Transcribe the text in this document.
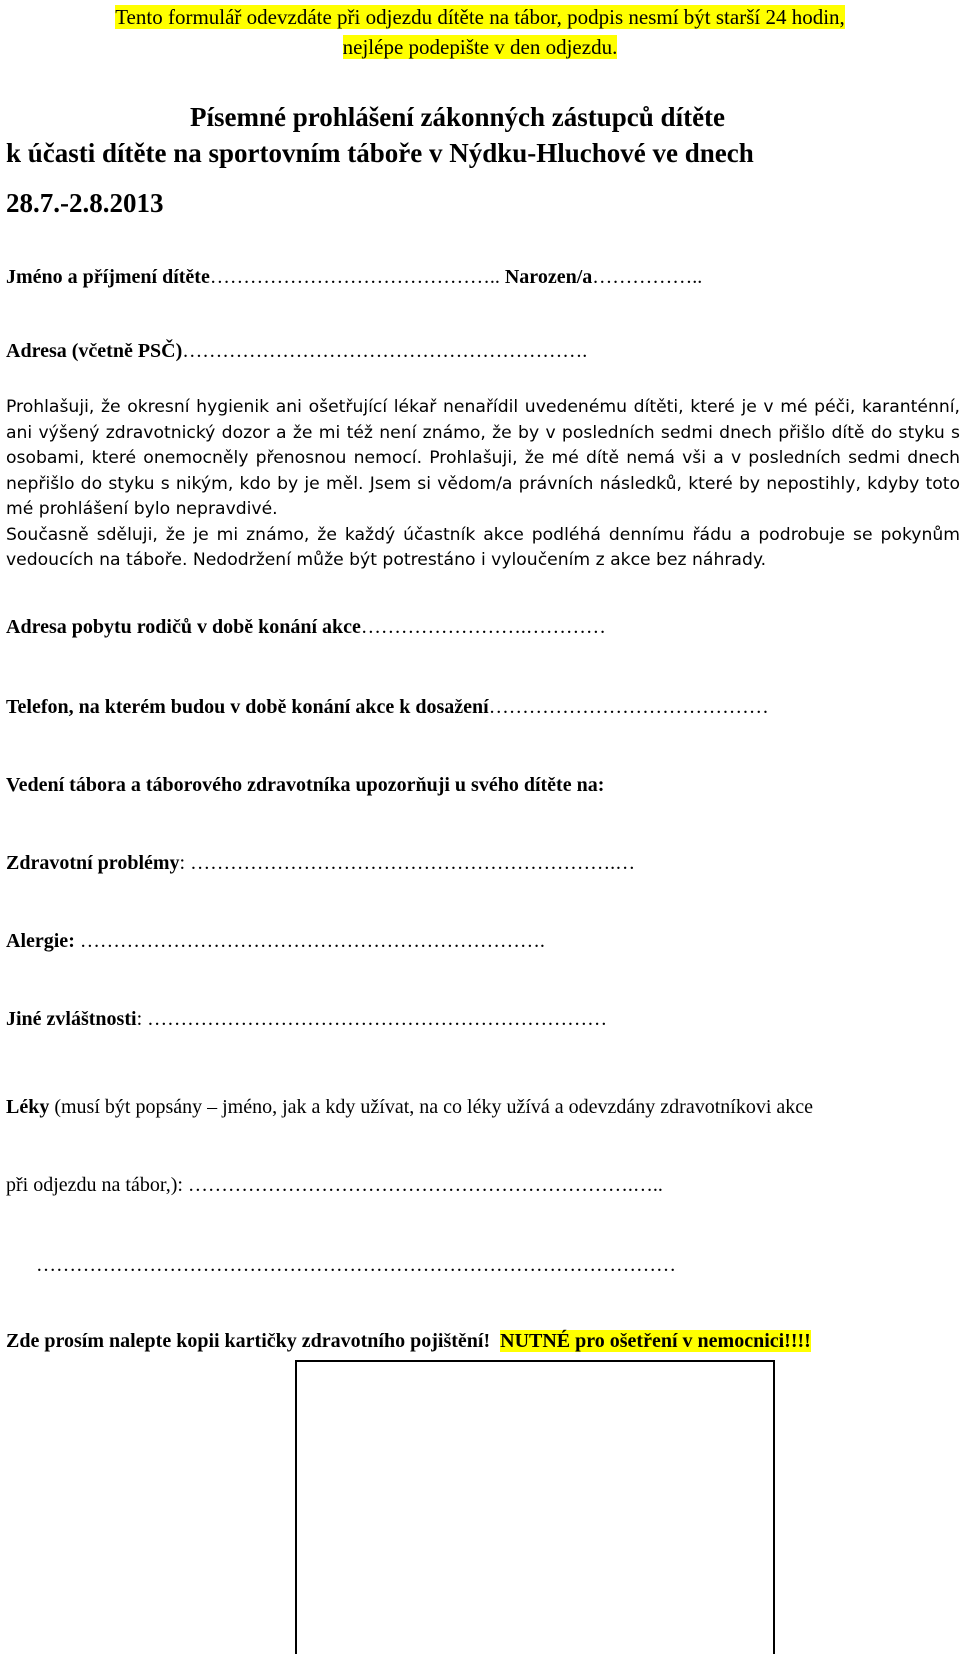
Tento formulář odevzdáte při odjezdu dítěte na tábor, podpis nesmí být starší 24 hodin,
nejlépe podepište v den odjezdu.
Písemné prohlášení zákonných zástupců dítěte
k účasti dítěte na sportovním táboře v Nýdku-Hluchové ve dnech
28.7.-2.8.2013
Jméno a příjmení dítěte…………………………………….. Narozen/a……………..
Adresa (včetně PSČ)…………………………………………………….

Prohlašuji, že okresní hygienik ani ošetřující lékař nenařídil uvedenému dítěti, které je v mé péči, karanténní, ani výšený zdravotnický dozor a že mi též není známo, že by v posledních sedmi dnech přišlo dítě do styku s osobami, které onemocněly přenosnou nemocí. Prohlašuji, že mé dítě nemá vši a v posledních sedmi dnech nepřišlo do styku s nikým, kdo by je měl. Jsem si vědom/a právních následků, které by nepostihly, kdyby toto mé prohlášení bylo nepravdivé.

Současně sděluji, že je mi známo, že každý účastník akce podléhá dennímu řádu a podrobuje se pokynům vedoucích na táboře. Nedodržení může být potrestáno i vyloučením z akce bez náhrady.

Adresa pobytu rodičů v době konání akce…………………….…………
Telefon, na kterém budou v době konání akce k dosažení……………………………………
Vedení tábora a táborového zdravotníka upozorňuji u svého dítěte na:
Zdravotní problémy: ……………………………………………………….…
Alergie: …………………………………………………………….
Jiné zvláštnosti: ……………………………………………………………
Léky (musí být popsány – jméno, jak a kdy užívat, na co léky užívá a odevzdány zdravotníkovi akce
při odjezdu na tábor,): ………………………………………………………….…..
……………………………………………………………………………………
Zde prosím nalepte kopii kartičky zdravotního pojištění! NUTNÉ pro ošetření v nemocnici!!!!
